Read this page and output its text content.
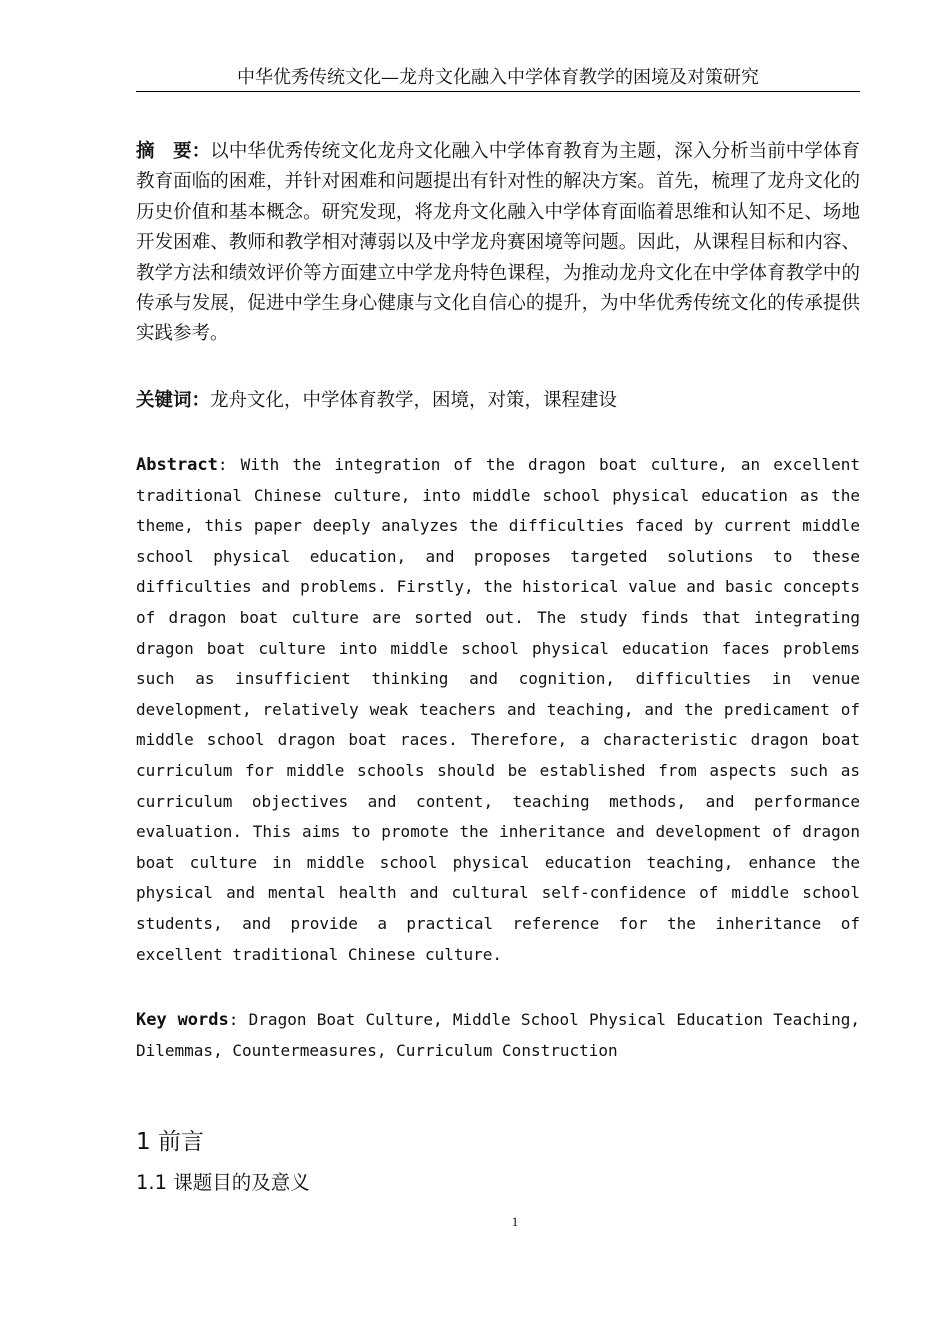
中华优秀传统文化—龙舟文化融入中学体育教学的困境及对策研究
摘　要：以中华优秀传统文化龙舟文化融入中学体育教育为主题，深入分析当前中学体育教育面临的困难，并针对困难和问题提出有针对性的解决方案。首先，梳理了龙舟文化的历史价值和基本概念。研究发现，将龙舟文化融入中学体育面临着思维和认知不足、场地开发困难、教师和教学相对薄弱以及中学龙舟赛困境等问题。因此，从课程目标和内容、教学方法和绩效评价等方面建立中学龙舟特色课程，为推动龙舟文化在中学体育教学中的传承与发展，促进中学生身心健康与文化自信心的提升，为中华优秀传统文化的传承提供实践参考。
关键词：龙舟文化，中学体育教学，困境，对策，课程建设
Abstract: With the integration of the dragon boat culture, an excellent traditional Chinese culture, into middle school physical education as the theme, this paper deeply analyzes the difficulties faced by current middle school physical education, and proposes targeted solutions to these difficulties and problems. Firstly, the historical value and basic concepts of dragon boat culture are sorted out. The study finds that integrating dragon boat culture into middle school physical education faces problems such as insufficient thinking and cognition, difficulties in venue development, relatively weak teachers and teaching, and the predicament of middle school dragon boat races. Therefore, a characteristic dragon boat curriculum for middle schools should be established from aspects such as curriculum objectives and content, teaching methods, and performance evaluation. This aims to promote the inheritance and development of dragon boat culture in middle school physical education teaching, enhance the physical and mental health and cultural self-confidence of middle school students, and provide a practical reference for the inheritance of excellent traditional Chinese culture.
Key words: Dragon Boat Culture, Middle School Physical Education Teaching, Dilemmas, Countermeasures, Curriculum Construction
1 前言
1.1 课题目的及意义
1
